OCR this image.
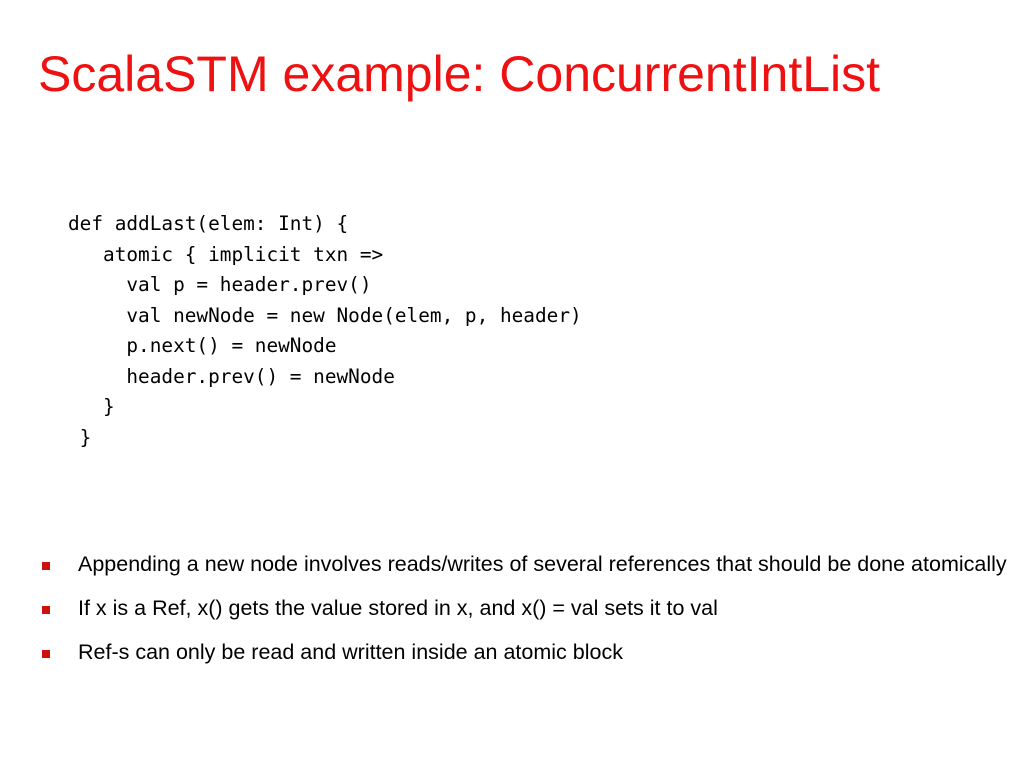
ScalaSTM example: ConcurrentIntList
def addLast(elem: Int) {
atomic { implicit txn =>
val p = header.prev()
val newNode = new Node(elem, p, header)
p.next() = newNode
header.prev() = newNode
}
}
Appending a new node involves reads/writes of several references that should be done atomically
If x is a Ref, x() gets the value stored in x, and x() = val sets it to val
Ref-s can only be read and written inside an atomic block
